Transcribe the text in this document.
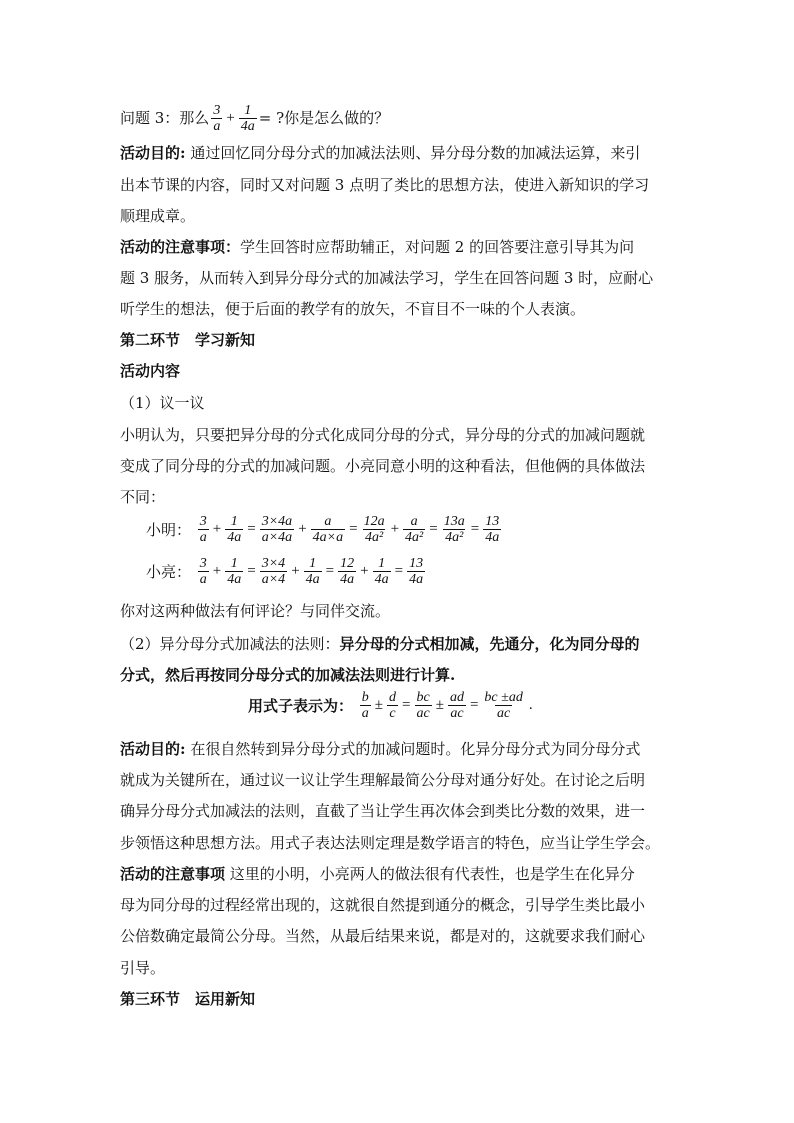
问题 3：那么 $\frac{3}{a} + \frac{1}{4a}$ = ?你是怎么做的？
活动目的: 通过回忆同分母分式的加减法法则、异分母分数的加减法运算，来引
出本节课的内容，同时又对问题 3 点明了类比的思想方法，使进入新知识的学习
顺理成章。
活动的注意事项：学生回答时应帮助辅正，对问题 2 的回答要注意引导其为问
题 3 服务，从而转入到异分母分式的加减法学习，学生在回答问题 3 时，应耐心
听学生的想法，便于后面的教学有的放矢，不盲目不一味的个人表演。
第二环节　学习新知
活动内容
（1）议一议
小明认为，只要把异分母的分式化成同分母的分式，异分母的分式的加减问题就
变成了同分母的分式的加减问题。小亮同意小明的这种看法，但他俩的具体做法
不同：
小明： $\frac{3}{a} + \frac{1}{4a} = \frac{3\times 4a}{a\times 4a} + \frac{a}{4a\times a} = \frac{12a}{\text{4a²}} + \frac{a}{\text{4a²}} = \frac{13a}{\text{4a²}} = \frac{13}{4a}$
小亮： $\frac{3}{a} + \frac{1}{4a} = \frac{3\times 4}{a\times 4} + \frac{1}{4a} = \frac{12}{4a} + \frac{1}{4a} = \frac{13}{4a}$
你对这两种做法有何评论？与同伴交流。
（2）异分母分式加减法的法则：异分母的分式相加减，先通分，化为同分母的
分式，然后再按同分母分式的加减法法则进行计算.
用式子表示为： $\frac{b}{a} \pm \frac{d}{c} = \frac{bc}{ac} \pm \frac{ad}{ac} = \frac{bc \pm ad}{ac}$ .
活动目的: 在很自然转到异分母分式的加减问题时。化异分母分式为同分母分式
就成为关键所在，通过议一议让学生理解最简公分母对通分好处。在讨论之后明
确异分母分式加减法的法则，直截了当让学生再次体会到类比分数的效果，进一
步领悟这种思想方法。用式子表达法则定理是数学语言的特色，应当让学生学会。
活动的注意事项 这里的小明，小亮两人的做法很有代表性，也是学生在化异分
母为同分母的过程经常出现的，这就很自然提到通分的概念，引导学生类比最小
公倍数确定最简公分母。当然，从最后结果来说，都是对的，这就要求我们耐心
引导。
第三环节　运用新知
